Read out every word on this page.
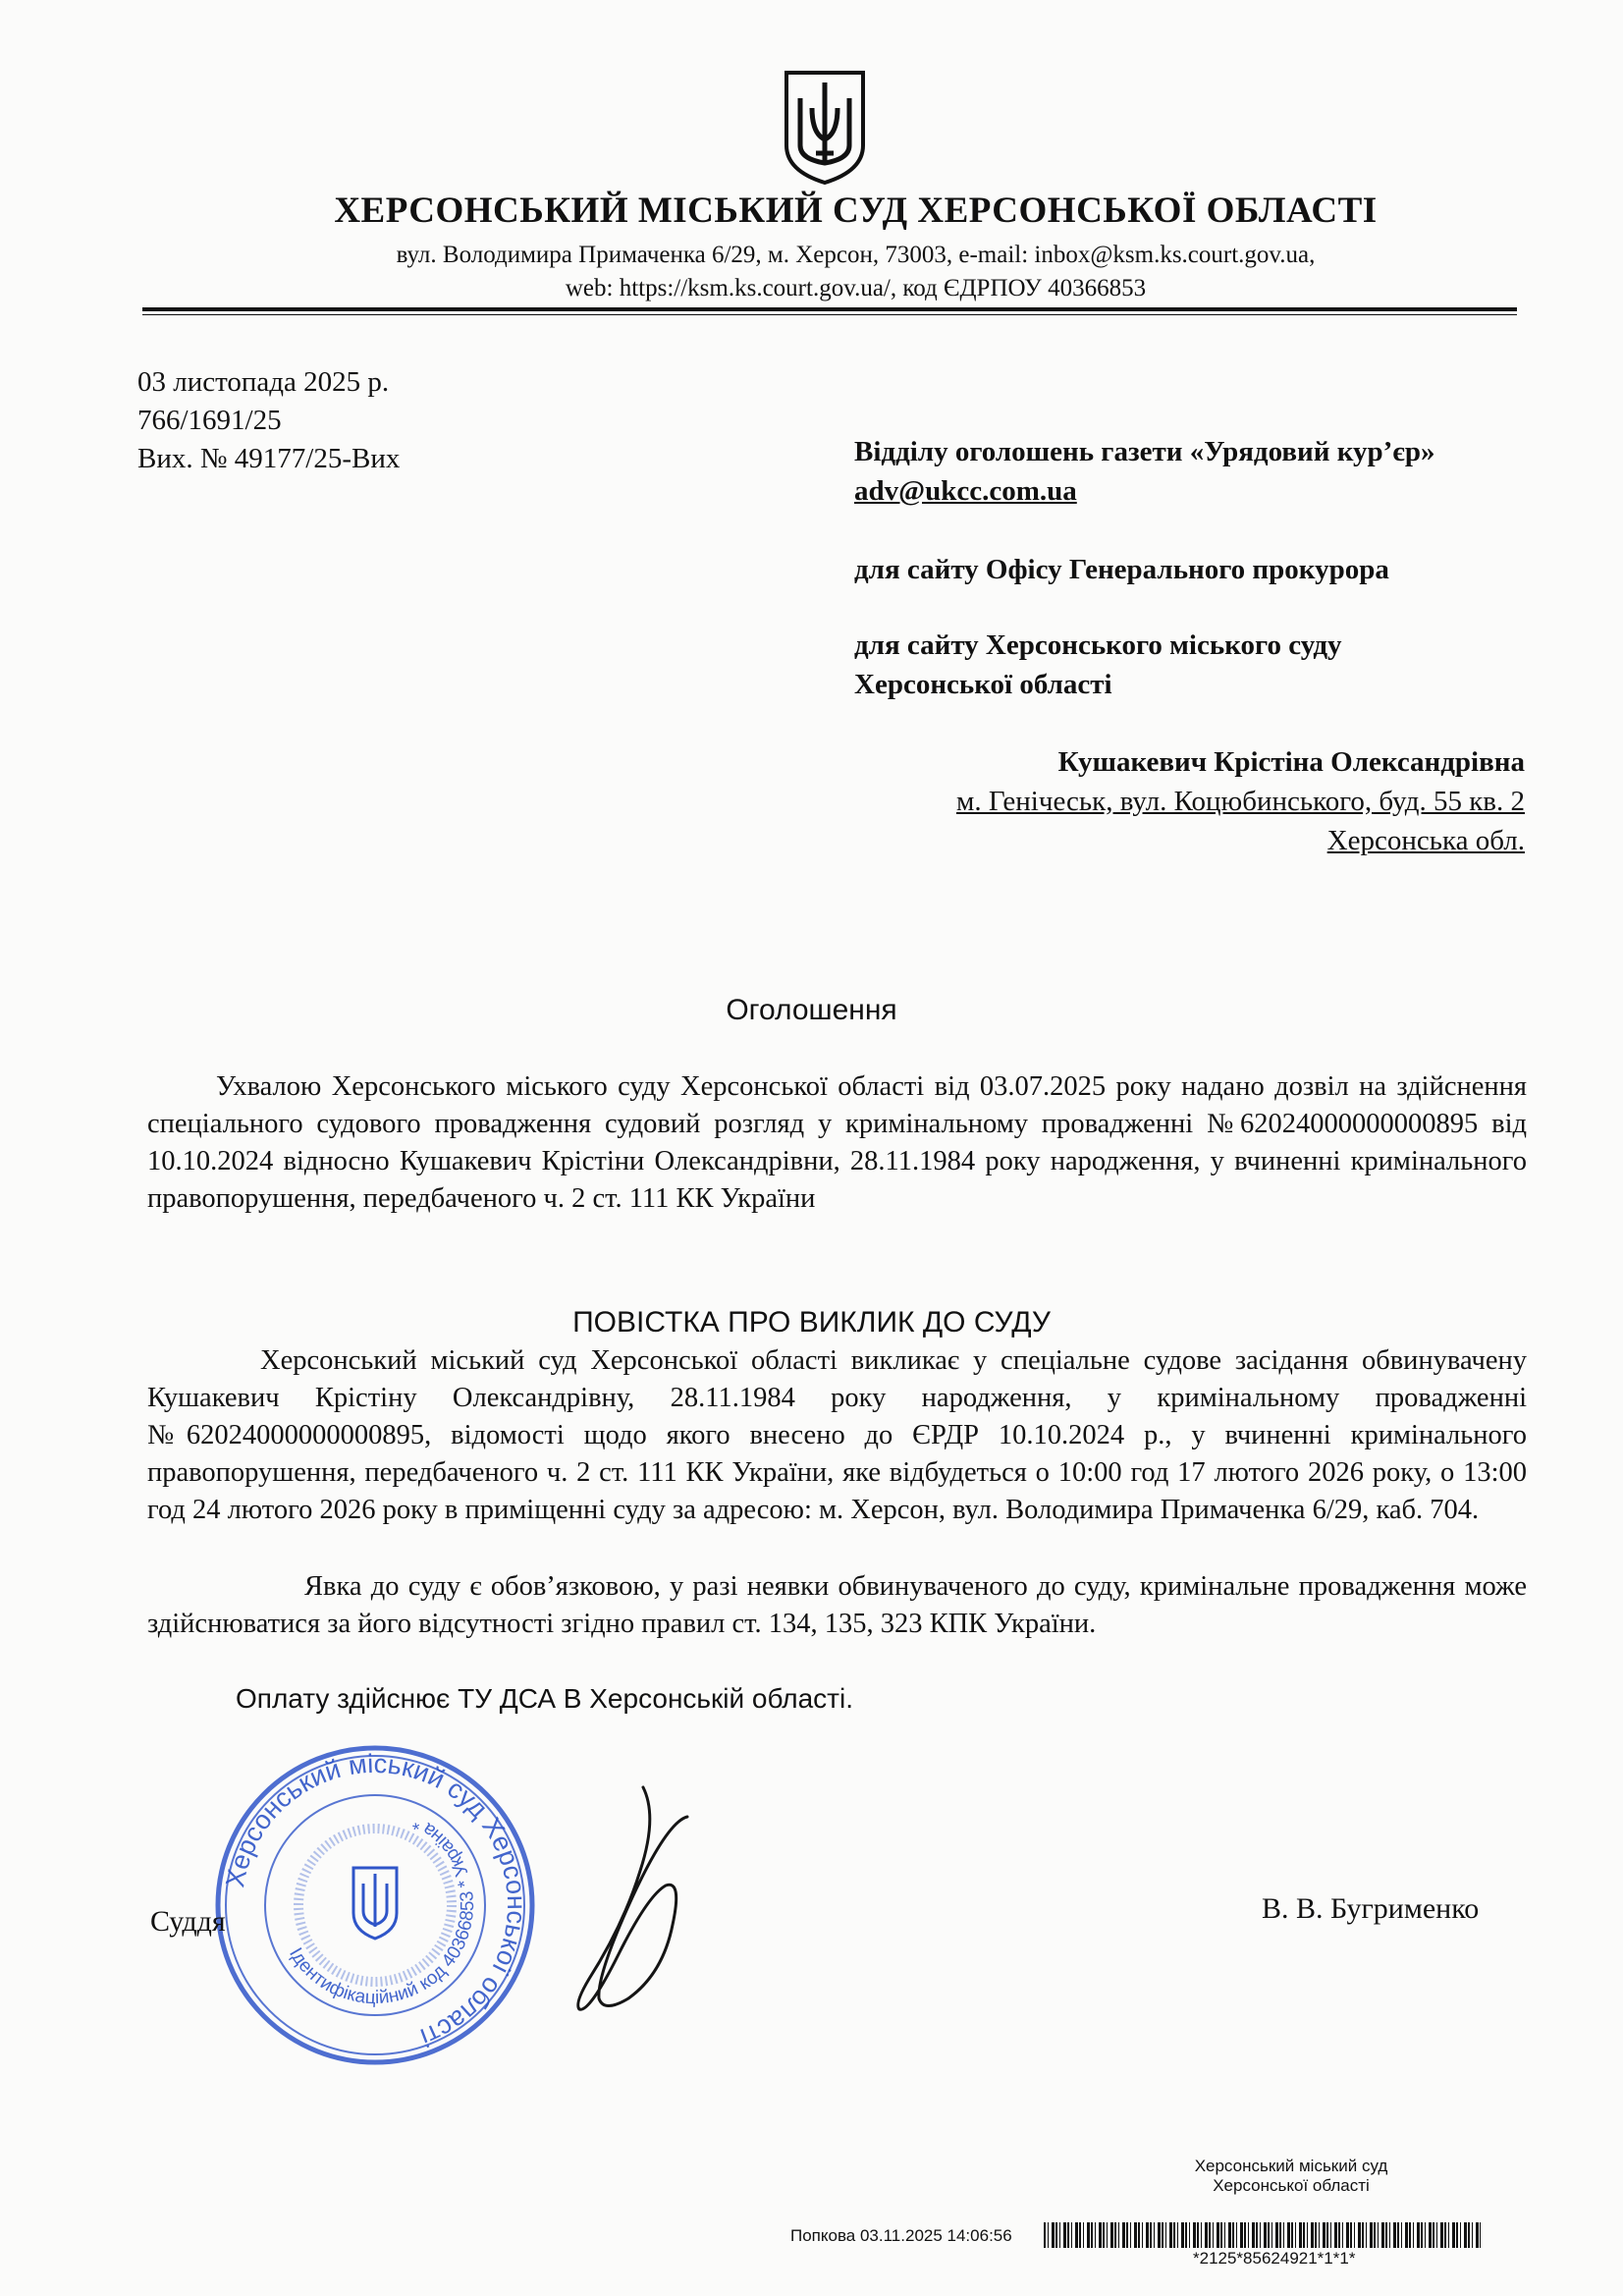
ХЕРСОНСЬКИЙ МІСЬКИЙ СУД ХЕРСОНСЬКОЇ ОБЛАСТІ
вул. Володимира Примаченка 6/29, м. Херсон, 73003, e-mail: inbox@ksm.ks.court.gov.ua,
web: https://ksm.ks.court.gov.ua/, код ЄДРПОУ 40366853
03 листопада 2025 р.
766/1691/25
Вих. № 49177/25-Вих	Відділу оголошень газети «Урядовий кур’єр»
adv@ukcc.com.ua
для сайту Офісу Генерального прокурора
для сайту Херсонського міського суду
Херсонської області
Кушакевич Крістіна Олександрівна
м. Генічеськ, вул. Коцюбинського, буд. 55 кв. 2
Херсонська обл.
Оголошення
Ухвалою Херсонського міського суду Херсонської області від 03.07.2025 року надано дозвіл на здійснення спеціального судового провадження судовий розгляд у кримінальному провадженні №62024000000000895 від 10.10.2024 відносно Кушакевич Крістіни Олександрівни, 28.11.1984 року народження, у вчиненні кримінального правопорушення, передбаченого ч. 2 ст. 111 КК України
ПОВІСТКА ПРО ВИКЛИК ДО СУДУ
Херсонський міський суд Херсонської області викликає у спеціальне судове засідання обвинувачену Кушакевич Крістіну Олександрівну, 28.11.1984 року народження, у кримінальному провадженні №62024000000000895, відомості щодо якого внесено до ЄРДР 10.10.2024 р., у вчиненні кримінального правопорушення, передбаченого ч. 2 ст. 111 КК України, яке відбудеться о 10:00 год 17 лютого 2026 року, о 13:00 год 24 лютого 2026 року в приміщенні суду за адресою: м. Херсон, вул. Володимира Примаченка 6/29, каб. 704.
Явка до суду є обов’язковою, у разі неявки обвинуваченого до суду, кримінальне провадження може здійснюватися за його відсутності згідно правил ст. 134, 135, 323 КПК України.
Оплату здійснює ТУ ДСА В Херсонській області.
Херсонський міський суд Херсонської області
Ідентифікаційний код 40366853 * Україна *
Суддя	В. В. Бугрименко
Херсонський міський суд
Херсонської області
Попкова 03.11.2025 14:06:56
*2125*85624921*1*1*
